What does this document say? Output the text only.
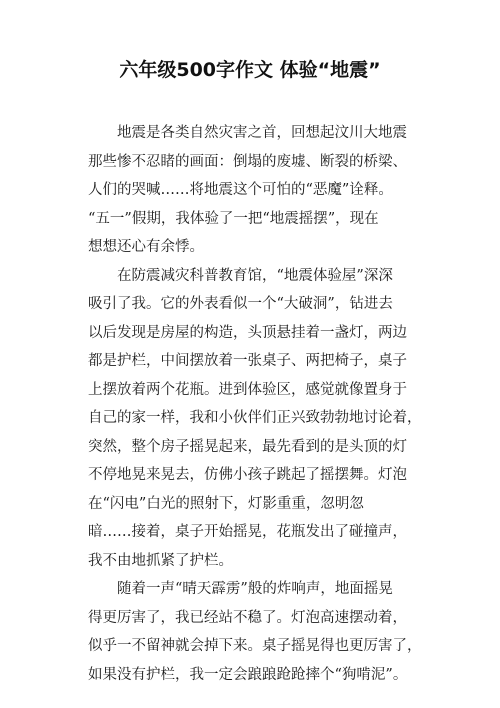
六年级500字作文 体验“地震”
地震是各类自然灾害之首，回想起汶川大地震
那些惨不忍睹的画面：倒塌的废墟、断裂的桥梁、
人们的哭喊……将地震这个可怕的“恶魔”诠释。
“五一”假期，我体验了一把“地震摇摆”，现在
想想还心有余悸。
在防震减灾科普教育馆，“地震体验屋”深深
吸引了我。它的外表看似一个“大破洞”，钻进去
以后发现是房屋的构造，头顶悬挂着一盏灯，两边
都是护栏，中间摆放着一张桌子、两把椅子，桌子
上摆放着两个花瓶。进到体验区，感觉就像置身于
自己的家一样，我和小伙伴们正兴致勃勃地讨论着，
突然，整个房子摇晃起来，最先看到的是头顶的灯
不停地晃来晃去，仿佛小孩子跳起了摇摆舞。灯泡
在“闪电”白光的照射下，灯影重重，忽明忽
暗……接着，桌子开始摇晃，花瓶发出了碰撞声，
我不由地抓紧了护栏。
随着一声“晴天霹雳”般的炸响声，地面摇晃
得更厉害了，我已经站不稳了。灯泡高速摆动着，
似乎一不留神就会掉下来。桌子摇晃得也更厉害了，
如果没有护栏，我一定会踉踉跄跄摔个“狗啃泥”。
